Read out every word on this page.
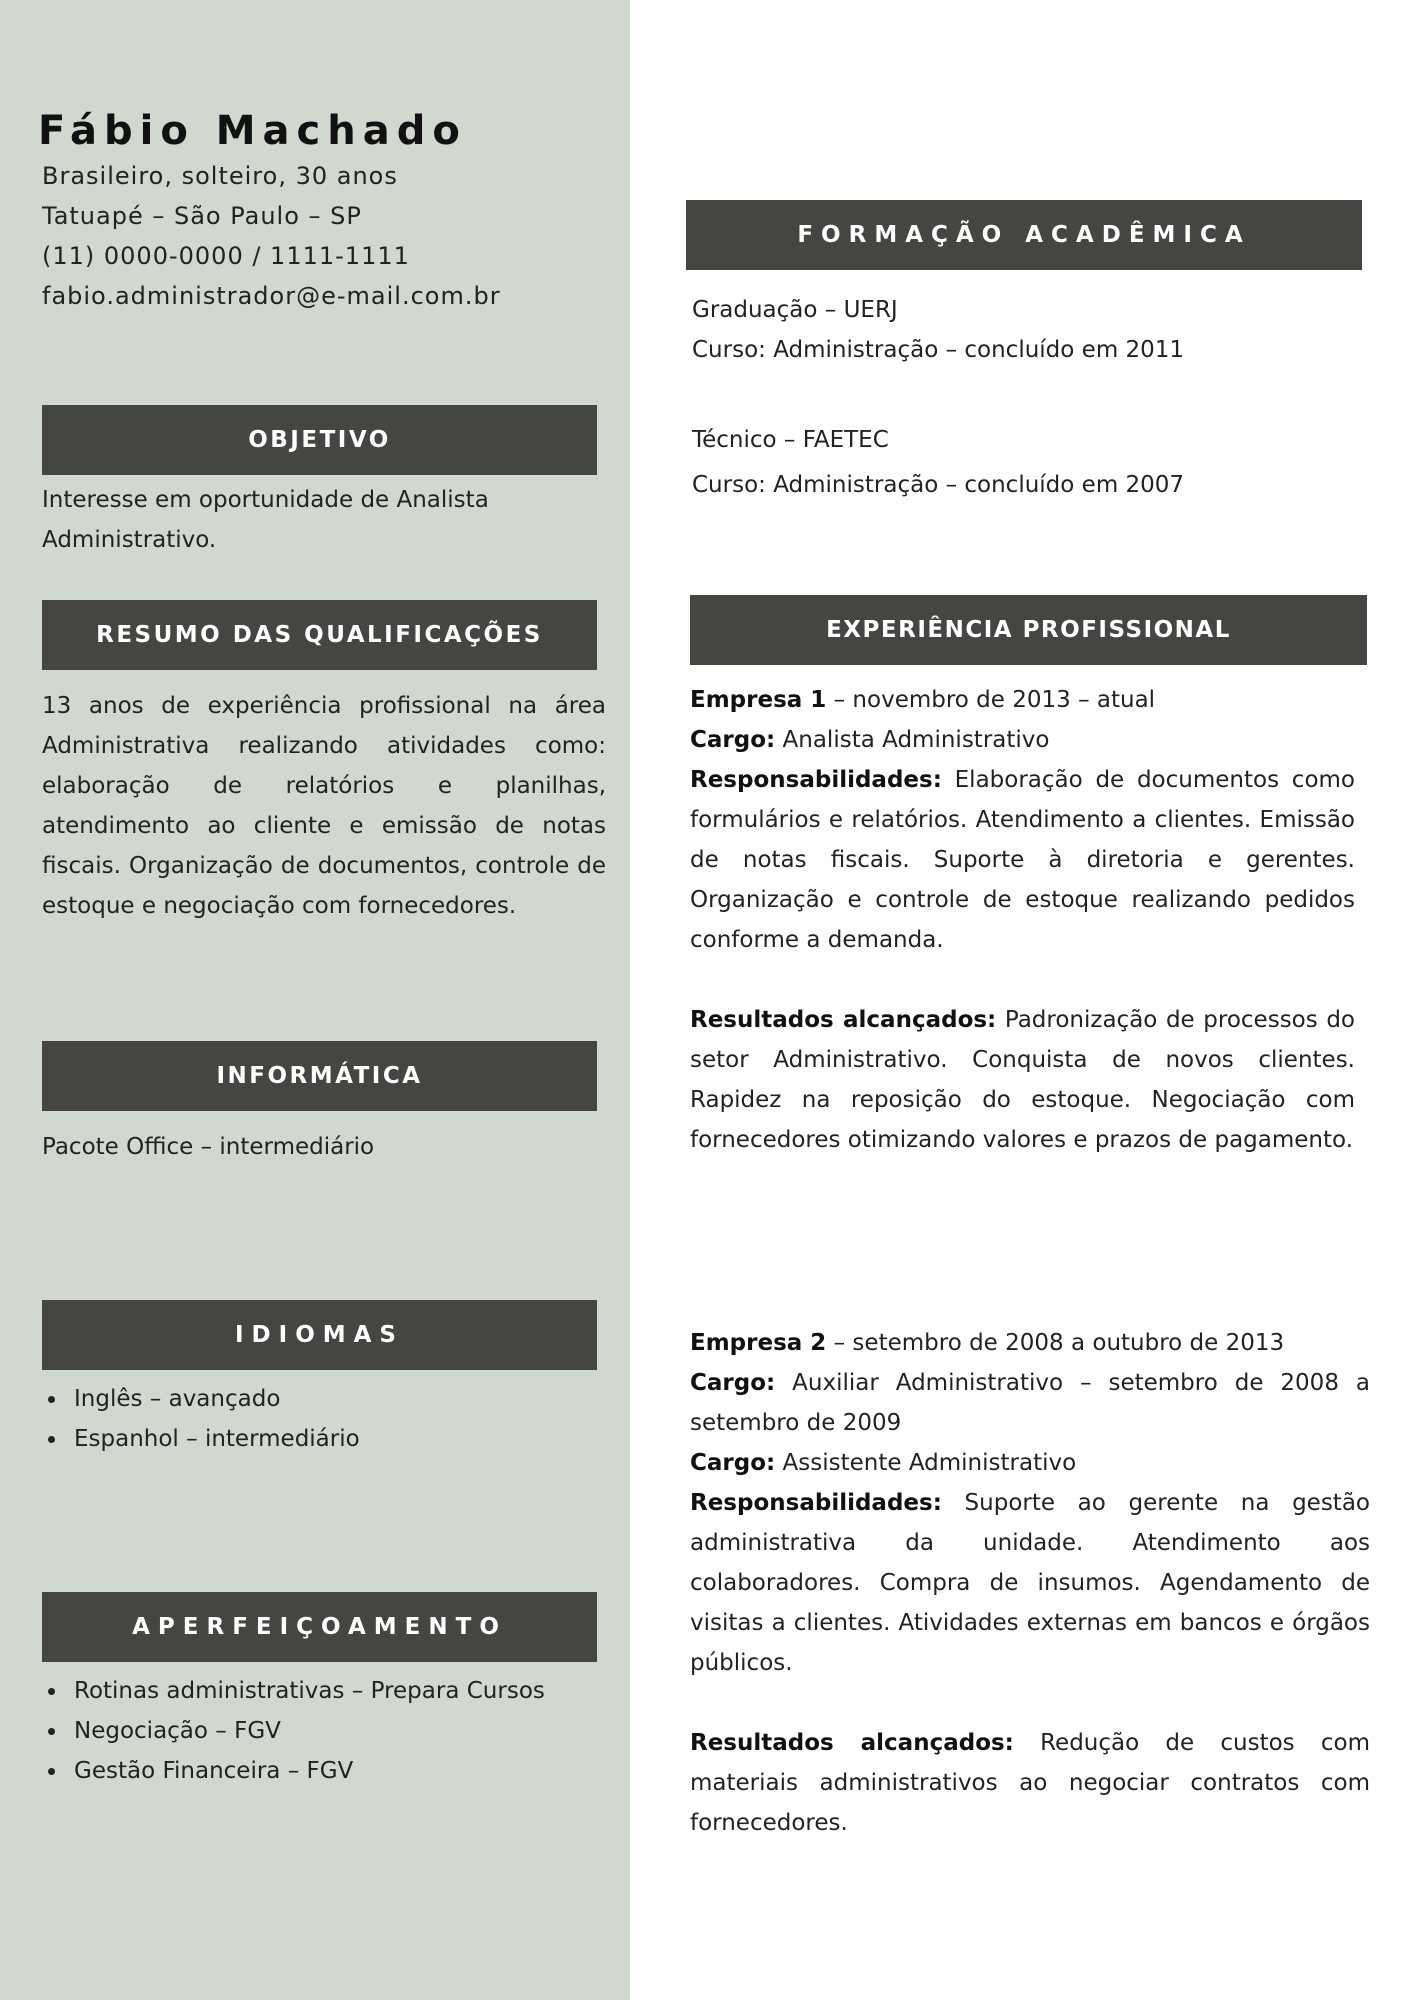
Fábio Machado
Brasileiro, solteiro, 30 anos
Tatuapé – São Paulo – SP
(11) 0000-0000 / 1111-1111
fabio.administrador@e-mail.com.br
OBJETIVO
Interesse em oportunidade de Analista Administrativo.
RESUMO DAS QUALIFICAÇÕES
13 anos de experiência profissional na área Administrativa realizando atividades como: elaboração de relatórios e planilhas, atendimento ao cliente e emissão de notas fiscais. Organização de documentos, controle de estoque e negociação com fornecedores.
INFORMÁTICA
Pacote Office – intermediário
IDIOMAS
Inglês – avançado
Espanhol – intermediário
APERFEIÇOAMENTO
Rotinas administrativas – Prepara Cursos
Negociação – FGV
Gestão Financeira – FGV
FORMAÇÃO ACADÊMICA
Graduação – UERJ
Curso: Administração – concluído em 2011
Técnico – FAETEC
Curso: Administração – concluído em 2007
EXPERIÊNCIA PROFISSIONAL
Empresa 1 – novembro de 2013 – atual
Cargo: Analista Administrativo
Responsabilidades: Elaboração de documentos como formulários e relatórios. Atendimento a clientes. Emissão de notas fiscais. Suporte à diretoria e gerentes. Organização e controle de estoque realizando pedidos conforme a demanda.
Resultados alcançados: Padronização de processos do setor Administrativo. Conquista de novos clientes. Rapidez na reposição do estoque. Negociação com fornecedores otimizando valores e prazos de pagamento.
Empresa 2 – setembro de 2008 a outubro de 2013
Cargo: Auxiliar Administrativo – setembro de 2008 a setembro de 2009
Cargo: Assistente Administrativo
Responsabilidades: Suporte ao gerente na gestão administrativa da unidade. Atendimento aos colaboradores. Compra de insumos. Agendamento de visitas a clientes. Atividades externas em bancos e órgãos públicos.
Resultados alcançados: Redução de custos com materiais administrativos ao negociar contratos com fornecedores.
